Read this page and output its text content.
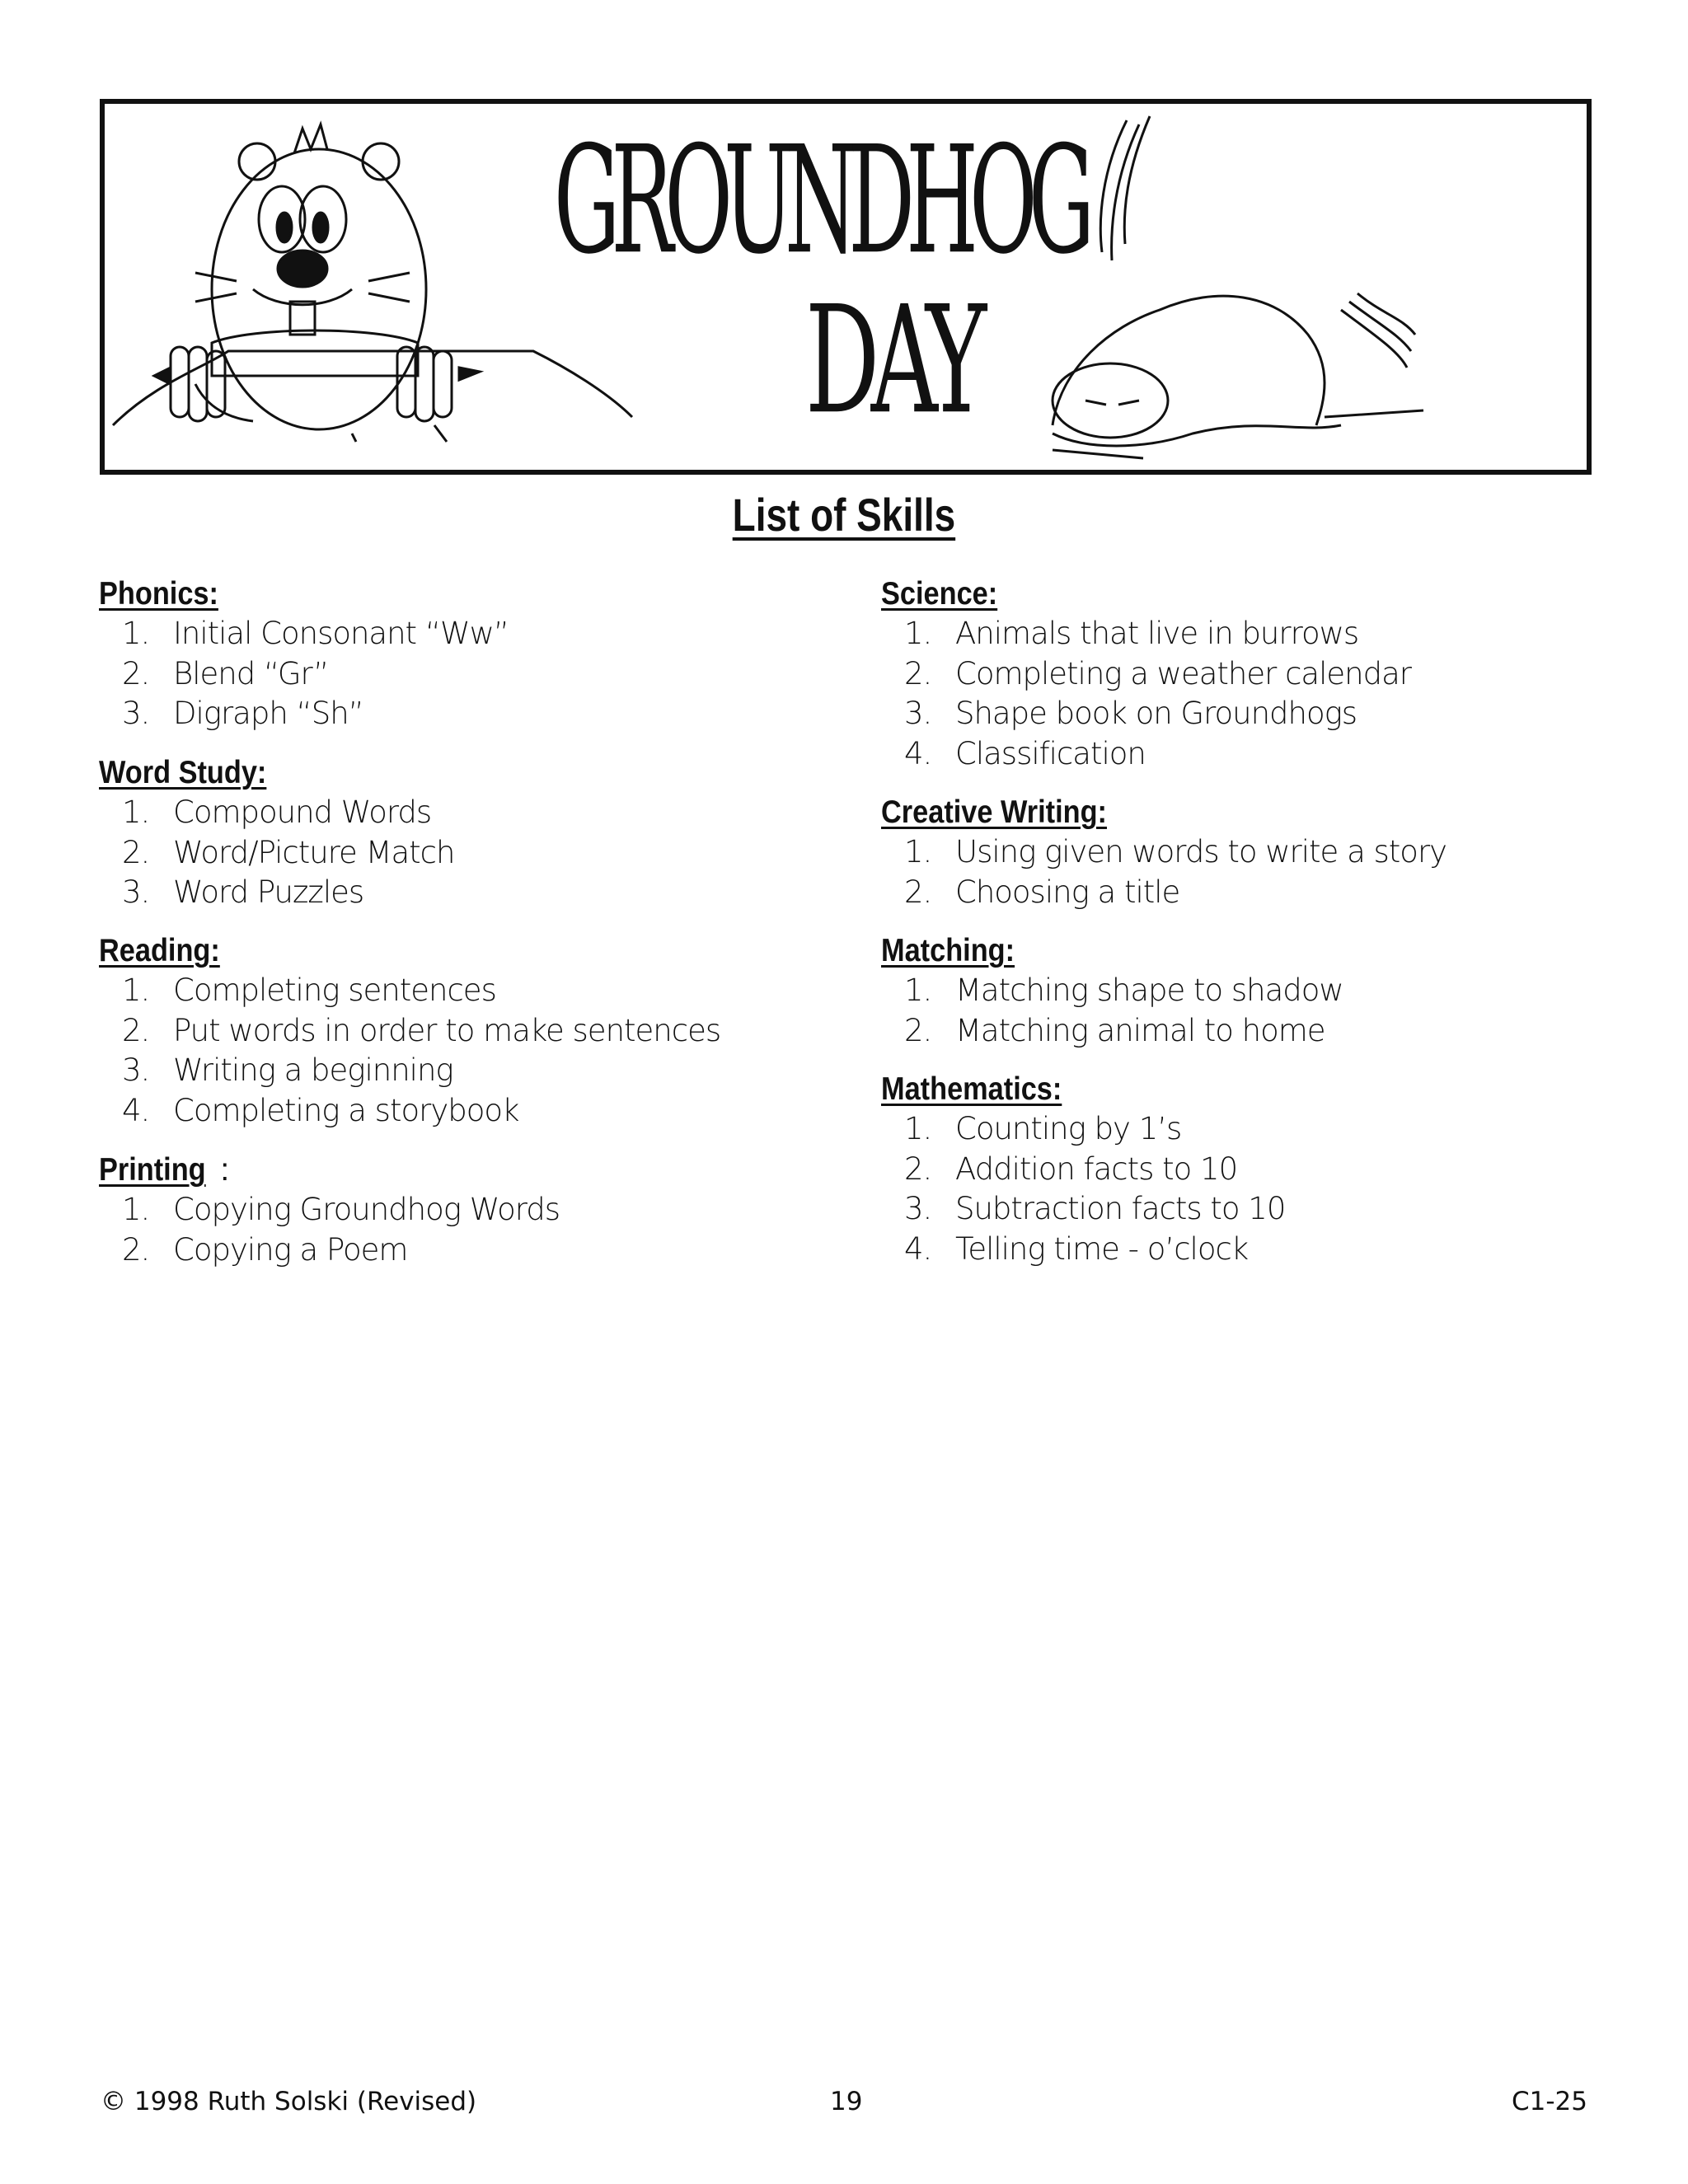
GROUNDHOG
DAY
List of Skills
Phonics:
1. Initial Consonant “Ww”
2. Blend “Gr”
3. Digraph “Sh”
Word Study:
1. Compound Words
2. Word/Picture Match
3. Word Puzzles
Reading:
1. Completing sentences
2. Put words in order to make sentences
3. Writing a beginning
4. Completing a storybook
Printing :
1. Copying Groundhog Words
2. Copying a Poem
Science:
1. Animals that live in burrows
2. Completing a weather calendar
3. Shape book on Groundhogs
4. Classification
Creative Writing:
1. Using given words to write a story
2. Choosing a title
Matching:
1. Matching shape to shadow
2. Matching animal to home
Mathematics:
1. Counting by 1’s
2. Addition facts to 10
3. Subtraction facts to 10
4. Telling time - o’clock
© 1998 Ruth Solski (Revised)	19	C1-25
